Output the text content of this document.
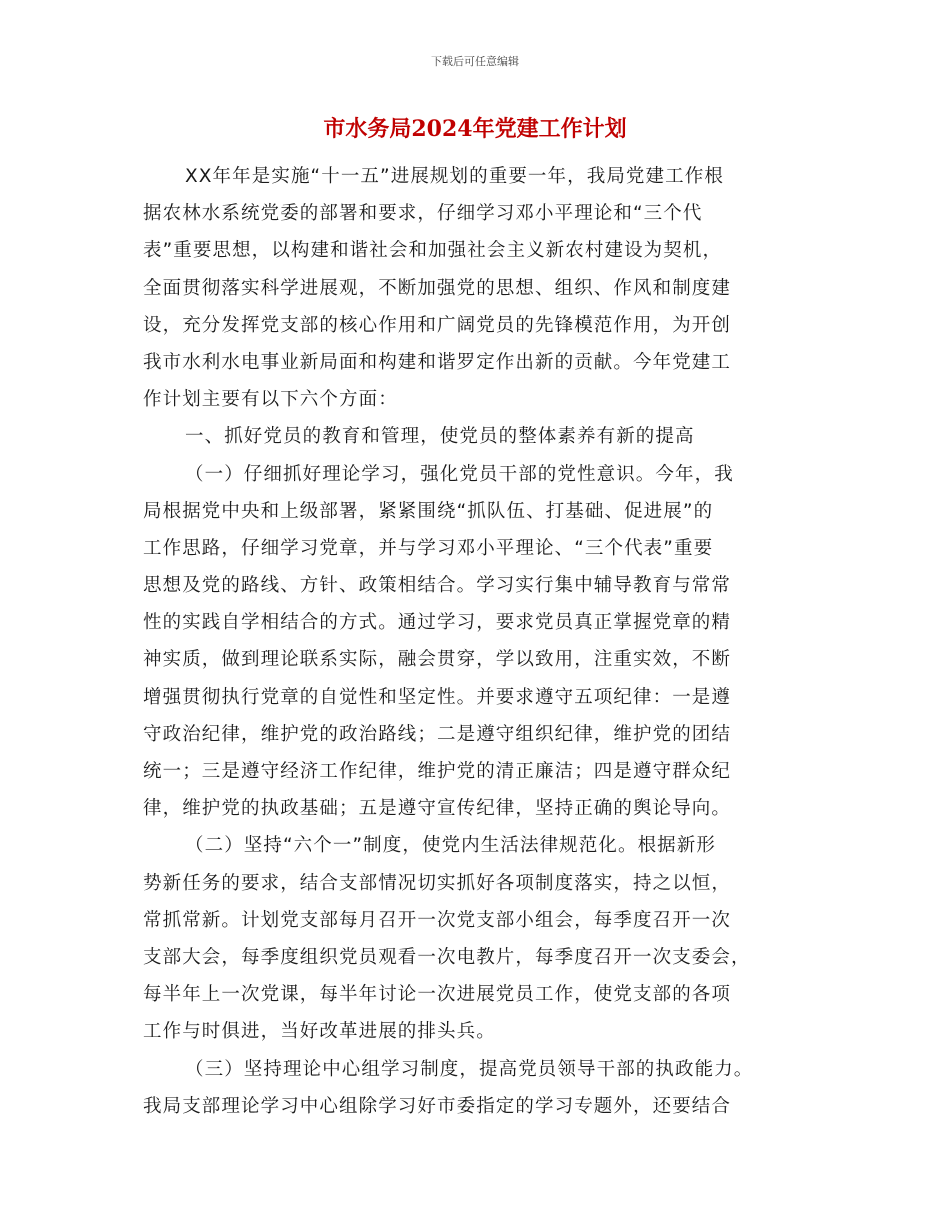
下载后可任意编辑
市水务局2024年党建工作计划
XX年年是实施“十一五”进展规划的重要一年，我局党建工作根
据农林水系统党委的部署和要求，仔细学习邓小平理论和“三个代
表”重要思想，以构建和谐社会和加强社会主义新农村建设为契机，
全面贯彻落实科学进展观，不断加强党的思想、组织、作风和制度建
设，充分发挥党支部的核心作用和广阔党员的先锋模范作用，为开创
我市水利水电事业新局面和构建和谐罗定作出新的贡献。今年党建工
作计划主要有以下六个方面：
一、抓好党员的教育和管理，使党员的整体素养有新的提高
（一）仔细抓好理论学习，强化党员干部的党性意识。今年，我
局根据党中央和上级部署，紧紧围绕“抓队伍、打基础、促进展”的
工作思路，仔细学习党章，并与学习邓小平理论、“三个代表”重要
思想及党的路线、方针、政策相结合。学习实行集中辅导教育与常常
性的实践自学相结合的方式。通过学习，要求党员真正掌握党章的精
神实质，做到理论联系实际，融会贯穿，学以致用，注重实效，不断
增强贯彻执行党章的自觉性和坚定性。并要求遵守五项纪律：一是遵
守政治纪律，维护党的政治路线；二是遵守组织纪律，维护党的团结
统一；三是遵守经济工作纪律，维护党的清正廉洁；四是遵守群众纪
律，维护党的执政基础；五是遵守宣传纪律，坚持正确的舆论导向。
（二）坚持“六个一”制度，使党内生活法律规范化。根据新形
势新任务的要求，结合支部情况切实抓好各项制度落实，持之以恒，
常抓常新。计划党支部每月召开一次党支部小组会，每季度召开一次
支部大会，每季度组织党员观看一次电教片，每季度召开一次支委会，
每半年上一次党课，每半年讨论一次进展党员工作，使党支部的各项
工作与时俱进，当好改革进展的排头兵。
（三）坚持理论中心组学习制度，提高党员领导干部的执政能力。
我局支部理论学习中心组除学习好市委指定的学习专题外，还要结合
